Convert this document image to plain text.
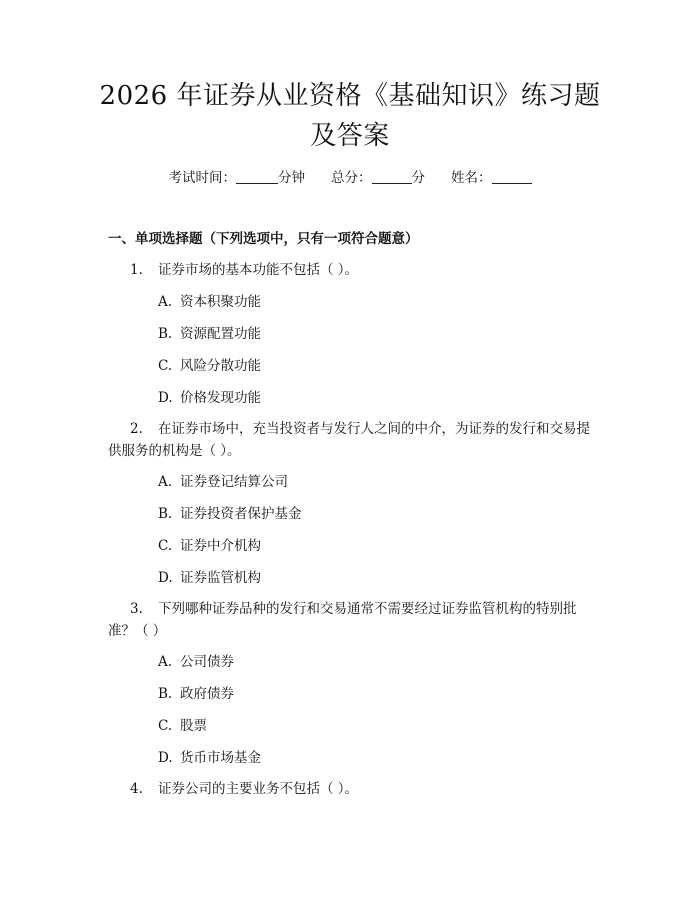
2026 年证券从业资格《基础知识》练习题及答案
考试时间：	分钟 总分：	分 姓名：
一、单项选择题（下列选项中，只有一项符合题意）
1. 证券市场的基本功能不包括（ ）。
A. 资本积聚功能
B. 资源配置功能
C. 风险分散功能
D. 价格发现功能
2. 在证券市场中，充当投资者与发行人之间的中介，为证券的发行和交易提供服务的机构是（ ）。
A. 证券登记结算公司
B. 证券投资者保护基金
C. 证券中介机构
D. 证券监管机构
3. 下列哪种证券品种的发行和交易通常不需要经过证券监管机构的特别批准？（ ）
A. 公司债券
B. 政府债券
C. 股票
D. 货币市场基金
4. 证券公司的主要业务不包括（ ）。
